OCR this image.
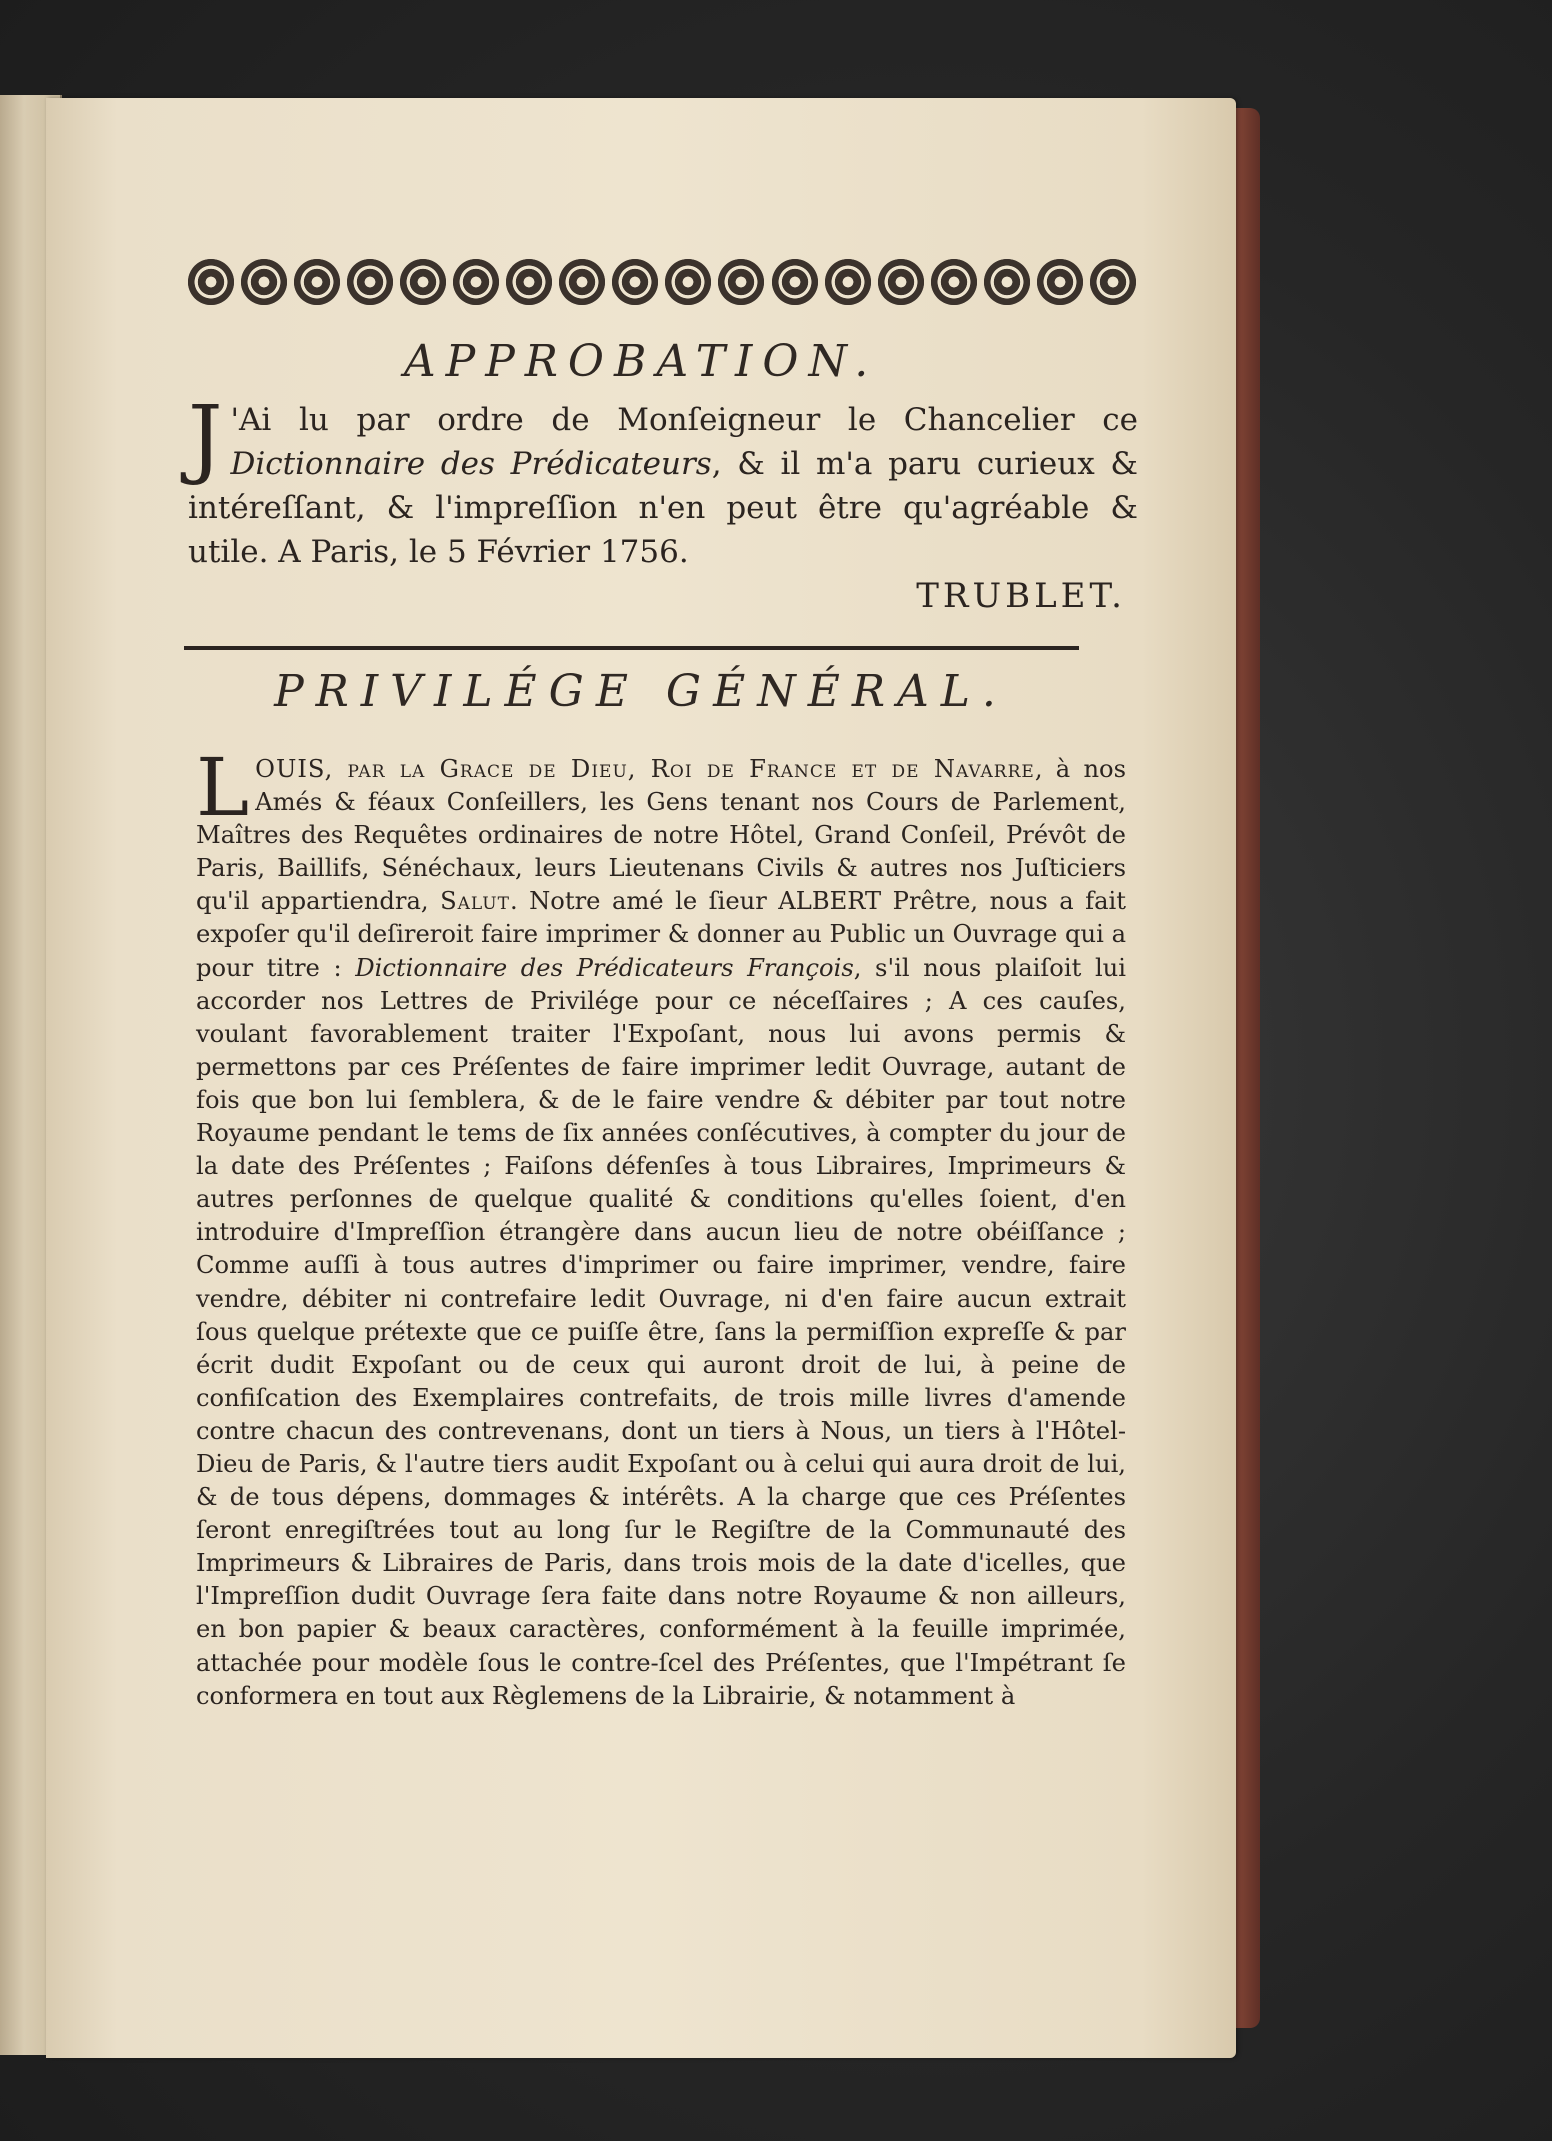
APPROBATION.

J 'Ai lu par ordre de Monſeigneur le Chancelier ce Dictionnaire des Prédicateurs, & il m'a paru curieux & intéreſſant, & l'impreſſion n'en peut être qu'agréable & utile. A Paris, le 5 Février 1756.

TRUBLET.

PRIVILÉGE GÉNÉRAL.

LOUIS, par la Grace de Dieu, Roi de France et de Navarre, à nos Amés & féaux Conſeillers, les Gens tenant nos Cours de Parlement, Maîtres des Requêtes ordinaires de notre Hôtel, Grand Conſeil, Prévôt de Paris, Baillifs, Sénéchaux, leurs Lieutenans Civils & autres nos Juſticiers qu'il appartiendra, Salut. Notre amé le ſieur ALBERT Prêtre, nous a fait expoſer qu'il deſireroit faire imprimer & donner au Public un Ouvrage qui a pour titre : Dictionnaire des Prédicateurs François, s'il nous plaiſoit lui accorder nos Lettres de Privilége pour ce néceſſaires ; A ces cauſes, voulant favorablement traiter l'Expoſant, nous lui avons permis & permettons par ces Préſentes de faire imprimer ledit Ouvrage, autant de fois que bon lui ſemblera, & de le faire vendre & débiter par tout notre Royaume pendant le tems de ſix années conſécutives, à compter du jour de la date des Préſentes ; Faiſons défenſes à tous Libraires, Imprimeurs & autres perſonnes de quelque qualité & conditions qu'elles ſoient, d'en introduire d'Impreſſion étrangère dans aucun lieu de notre obéiſſance ; Comme auſſi à tous autres d'imprimer ou faire imprimer, vendre, faire vendre, débiter ni contrefaire ledit Ouvrage, ni d'en faire aucun extrait ſous quelque prétexte que ce puiſſe être, ſans la permiſſion expreſſe & par écrit dudit Expoſant ou de ceux qui auront droit de lui, à peine de confiſcation des Exemplaires contrefaits, de trois mille livres d'amende contre chacun des contrevenans, dont un tiers à Nous, un tiers à l'Hôtel-Dieu de Paris, & l'autre tiers audit Expoſant ou à celui qui aura droit de lui, & de tous dépens, dommages & intérêts. A la charge que ces Préſentes ſeront enregiſtrées tout au long ſur le Regiſtre de la Communauté des Imprimeurs & Libraires de Paris, dans trois mois de la date d'icelles, que l'Impreſſion dudit Ouvrage ſera faite dans notre Royaume & non ailleurs, en bon papier & beaux caractères, conformément à la feuille imprimée, attachée pour modèle ſous le contre-ſcel des Préſentes, que l'Impétrant ſe conformera en tout aux Règlemens de la Librairie, & notamment à
